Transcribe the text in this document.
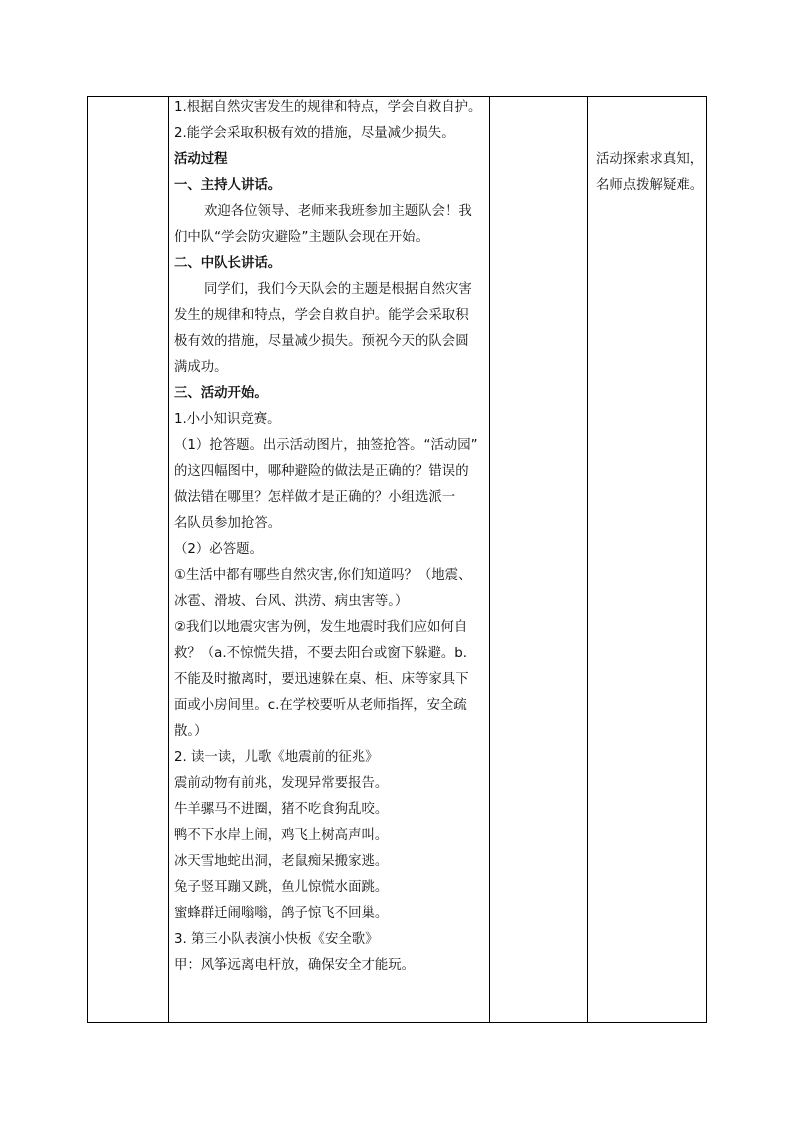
1.根据自然灾害发生的规律和特点，学会自救自护。
2.能学会采取积极有效的措施，尽量减少损失。
活动过程
一、主持人讲话。
欢迎各位领导、老师来我班参加主题队会！我
们中队“学会防灾避险”主题队会现在开始。
二、中队长讲话。
同学们，我们今天队会的主题是根据自然灾害
发生的规律和特点，学会自救自护。能学会采取积
极有效的措施，尽量减少损失。预祝今天的队会圆
满成功。
三、活动开始。
1.小小知识竞赛。
（1）抢答题。出示活动图片，抽签抢答。“活动园”
的这四幅图中，哪种避险的做法是正确的？错误的
做法错在哪里？怎样做才是正确的？小组选派一
名队员参加抢答。
（2）必答题。
①生活中都有哪些自然灾害,你们知道吗？（地震、
冰雹、滑坡、台风、洪涝、病虫害等。）
②我们以地震灾害为例，发生地震时我们应如何自
救？（a.不惊慌失措，不要去阳台或窗下躲避。b.
不能及时撤离时，要迅速躲在桌、柜、床等家具下
面或小房间里。c.在学校要听从老师指挥，安全疏
散。）
2. 读一读，儿歌《地震前的征兆》
震前动物有前兆，发现异常要报告。
牛羊骡马不进圈，猪不吃食狗乱咬。
鸭不下水岸上闹，鸡飞上树高声叫。
冰天雪地蛇出洞，老鼠痴呆搬家逃。
兔子竖耳蹦又跳，鱼儿惊慌水面跳。
蜜蜂群迁闹嗡嗡，鸽子惊飞不回巢。
3. 第三小队表演小快板《安全歌》
甲：风筝远离电杆放，确保安全才能玩。
活动探索求真知，
名师点拨解疑难。
